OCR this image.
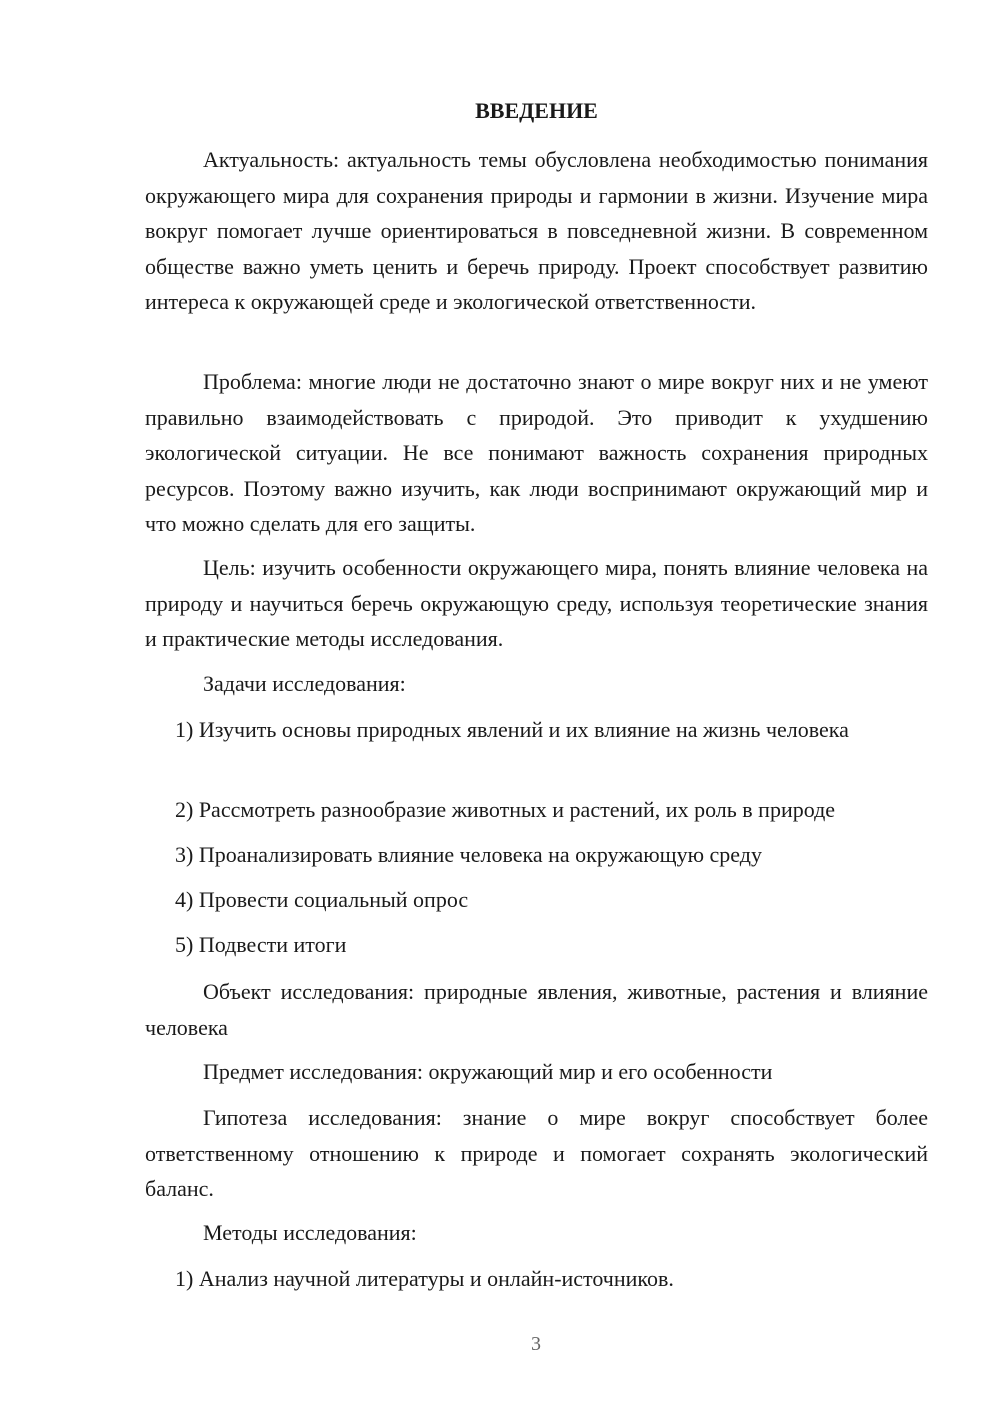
ВВЕДЕНИЕ

Актуальность: актуальность темы обусловлена необходимостью понимания окружающего мира для сохранения природы и гармонии в жизни. Изучение мира вокруг помогает лучше ориентироваться в повседневной жизни. В современном обществе важно уметь ценить и беречь природу. Проект способствует развитию интереса к окружающей среде и экологической ответственности.

Проблема: многие люди не достаточно знают о мире вокруг них и не умеют правильно взаимодействовать с природой. Это приводит к ухудшению экологической ситуации. Не все понимают важность сохранения природных ресурсов. Поэтому важно изучить, как люди воспринимают окружающий мир и что можно сделать для его защиты.

Цель: изучить особенности окружающего мира, понять влияние человека на природу и научиться беречь окружающую среду, используя теоретические знания и практические методы исследования.

Задачи исследования:

1) Изучить основы природных явлений и их влияние на жизнь человека

2) Рассмотреть разнообразие животных и растений, их роль в природе

3) Проанализировать влияние человека на окружающую среду

4) Провести социальный опрос

5) Подвести итоги

Объект исследования: природные явления, животные, растения и влияние человека

Предмет исследования: окружающий мир и его особенности

Гипотеза исследования: знание о мире вокруг способствует более ответственному отношению к природе и помогает сохранять экологический баланс.

Методы исследования:

1) Анализ научной литературы и онлайн-источников.

3
